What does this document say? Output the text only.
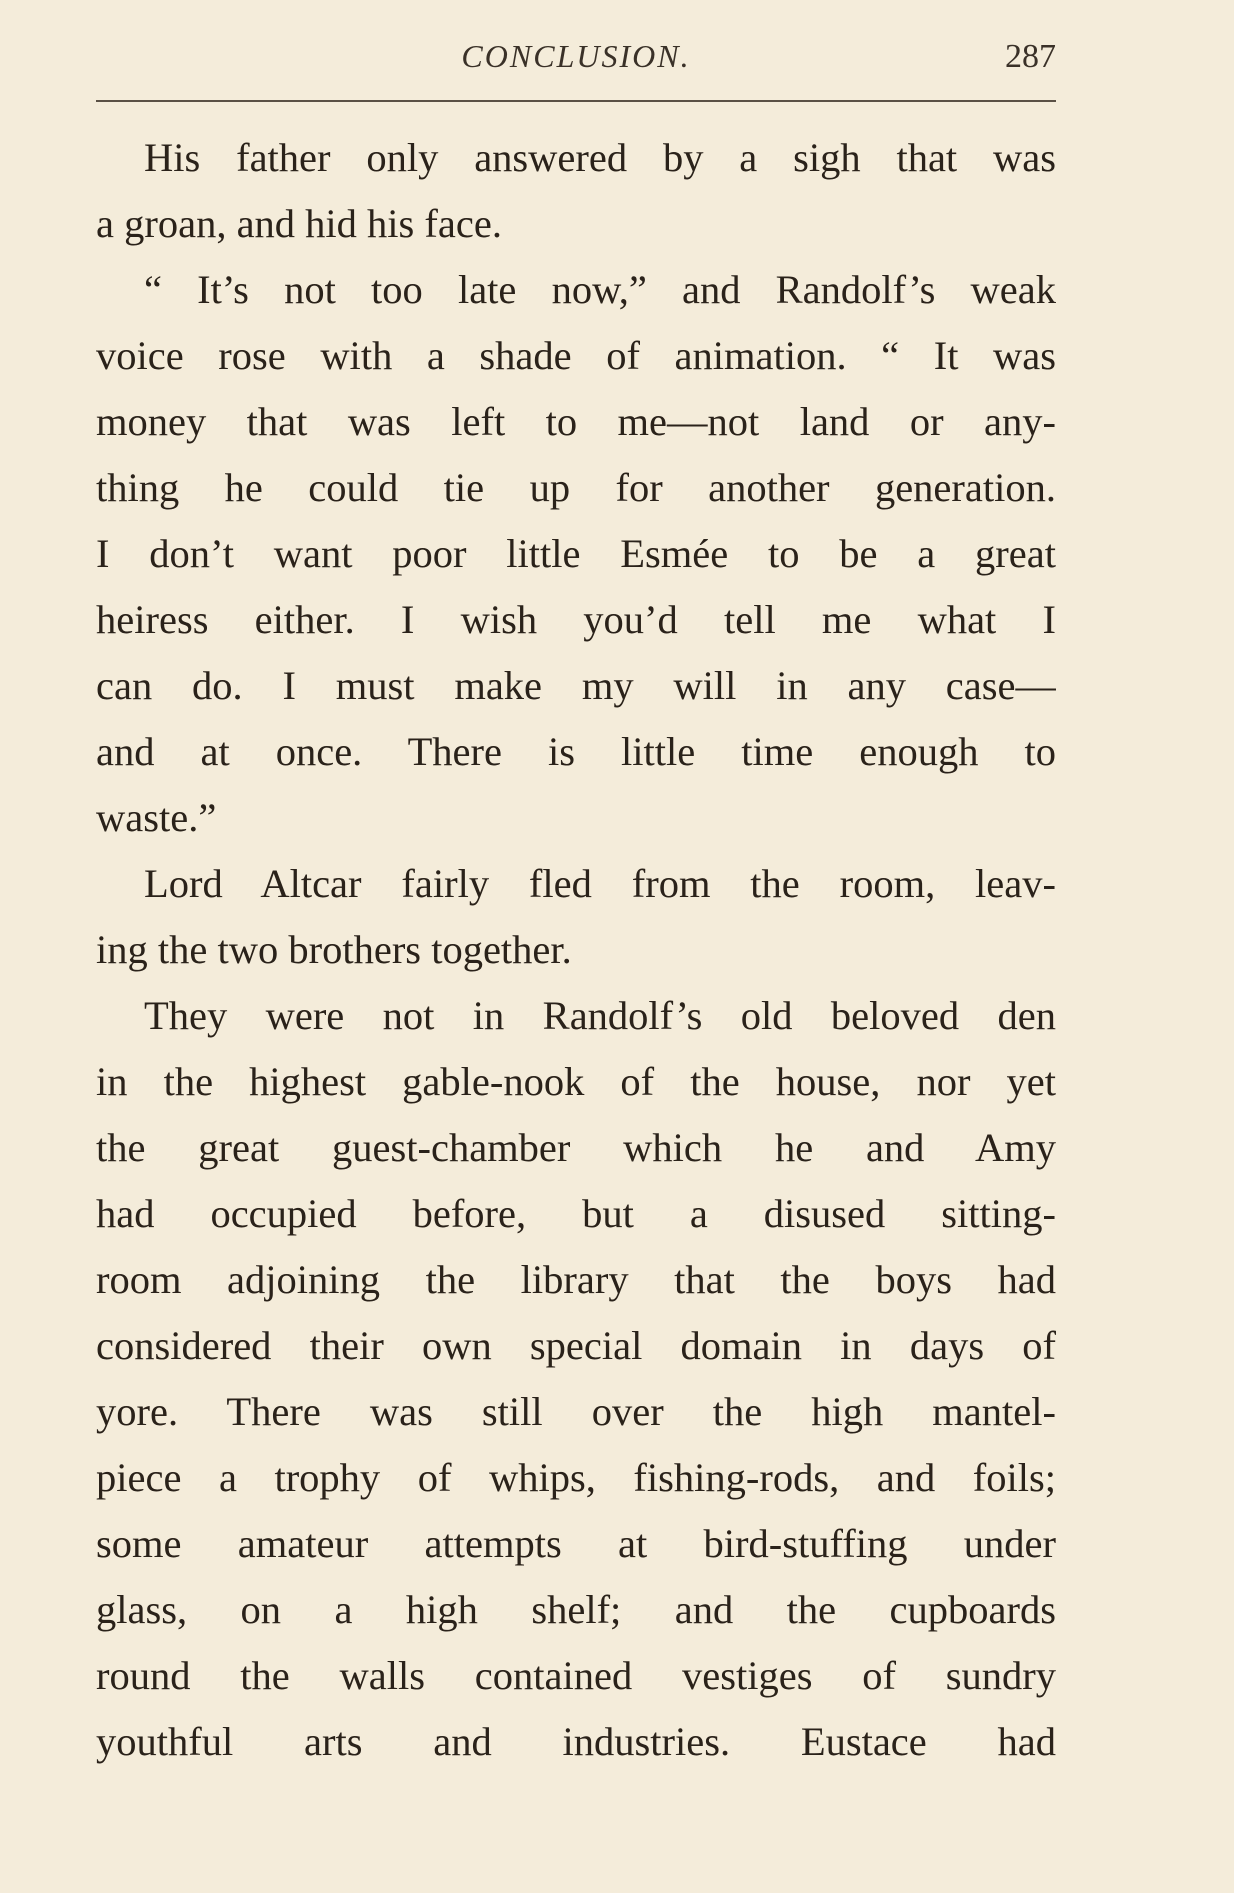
CONCLUSION.	287
His father only answered by a sigh that was
a groan, and hid his face.
“ It’s not too late now,” and Randolf’s weak
voice rose with a shade of animation. “ It was
money that was left to me—not land or any-
thing he could tie up for another generation.
I don’t want poor little Esmée to be a great
heiress either. I wish you’d tell me what I
can do. I must make my will in any case—
and at once. There is little time enough to
waste.”
Lord Altcar fairly fled from the room, leav-
ing the two brothers together.
They were not in Randolf’s old beloved den
in the highest gable-nook of the house, nor yet
the great guest-chamber which he and Amy
had occupied before, but a disused sitting-
room adjoining the library that the boys had
considered their own special domain in days of
yore. There was still over the high mantel-
piece a trophy of whips, fishing-rods, and foils;
some amateur attempts at bird-stuffing under
glass, on a high shelf; and the cupboards
round the walls contained vestiges of sundry
youthful arts and industries. Eustace had
